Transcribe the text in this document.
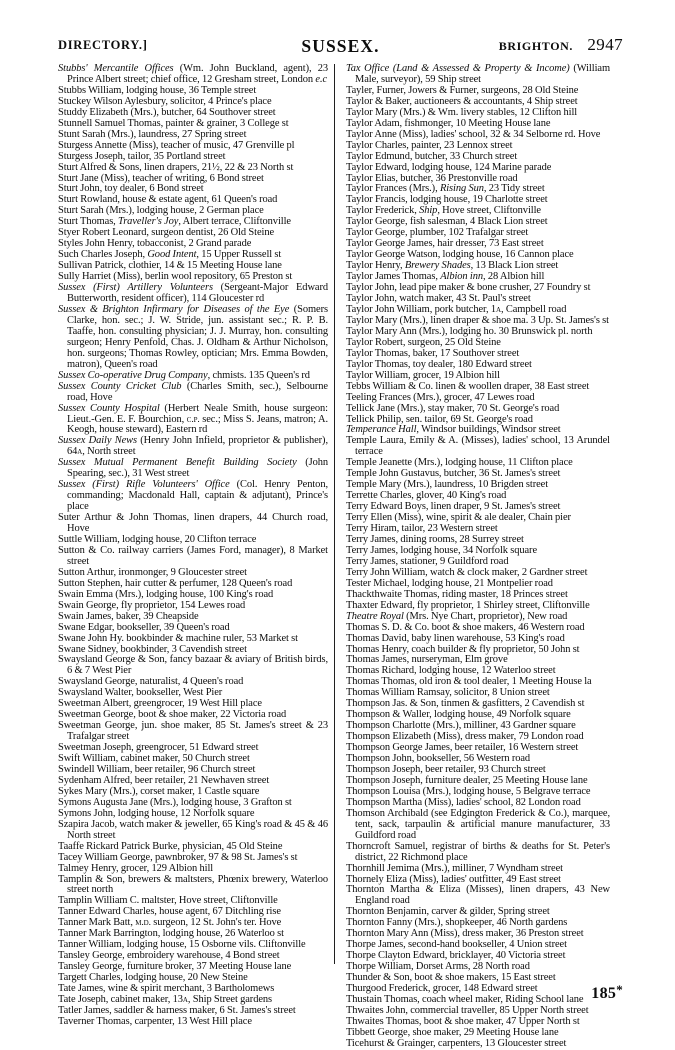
DIRECTORY.]	SUSSEX.	BRIGHTON. 2947

Stubbs' Mercantile Offices (Wm. John Buckland, agent), 23 Prince Albert street; chief office, 12 Gresham street, London e.c

Stubbs William, lodging house, 36 Temple street

Stuckey Wilson Aylesbury, solicitor, 4 Prince's place

Studdy Elizabeth (Mrs.), butcher, 64 Southover street

Stunnell Samuel Thomas, painter & grainer, 3 College st

Stunt Sarah (Mrs.), laundress, 27 Spring street

Sturgess Annette (Miss), teacher of music, 47 Grenville pl

Sturgess Joseph, tailor, 35 Portland street

Sturt Alfred & Sons, linen drapers, 21½, 22 & 23 North st

Sturt Jane (Miss), teacher of writing, 6 Bond street

Sturt John, toy dealer, 6 Bond street

Sturt Rowland, house & estate agent, 61 Queen's road

Sturt Sarah (Mrs.), lodging house, 2 German place

Sturt Thomas, Traveller's Joy, Albert terrace, Cliftonville

Styer Robert Leonard, surgeon dentist, 26 Old Steine

Styles John Henry, tobacconist, 2 Grand parade

Such Charles Joseph, Good Intent, 15 Upper Russell st

Sullivan Patrick, clothier, 14 & 15 Meeting House lane

Sully Harriet (Miss), berlin wool repository, 65 Preston st

Sussex (First) Artillery Volunteers (Sergeant-Major Edward Butterworth, resident officer), 114 Gloucester rd

Sussex & Brighton Infirmary for Diseases of the Eye (Somers Clarke, hon. sec.; J. W. Stride, jun. assistant sec.; R. P. B. Taaffe, hon. consulting physician; J. J. Murray, hon. consulting surgeon; Henry Penfold, Chas. J. Oldham & Arthur Nicholson, hon. surgeons; Thomas Rowley, optician; Mrs. Emma Bowden, matron), Queen's road

Sussex Co-operative Drug Company, chmists. 135 Queen's rd

Sussex County Cricket Club (Charles Smith, sec.), Selbourne road, Hove

Sussex County Hospital (Herbert Neale Smith, house surgeon: Lieut.-Gen. E. F. Bourchion, c.p. sec.; Miss S. Jeans, matron; A. Keogh, house steward), Eastern rd

Sussex Daily News (Henry John Infield, proprietor & publisher), 64a, North street

Sussex Mutual Permanent Benefit Building Society (John Spearing, sec.), 31 West street

Sussex (First) Rifle Volunteers' Office (Col. Henry Penton, commanding; Macdonald Hall, captain & adjutant), Prince's place

Suter Arthur & John Thomas, linen drapers, 44 Church road, Hove

Suttle William, lodging house, 20 Clifton terrace

Sutton & Co. railway carriers (James Ford, manager), 8 Market street

Sutton Arthur, ironmonger, 9 Gloucester street

Sutton Stephen, hair cutter & perfumer, 128 Queen's road

Swain Emma (Mrs.), lodging house, 100 King's road

Swain George, fly proprietor, 154 Lewes road

Swain James, baker, 39 Cheapside

Swane Edgar, bookseller, 39 Queen's road

Swane John Hy. bookbinder & machine ruler, 53 Market st

Swane Sidney, bookbinder, 3 Cavendish street

Swaysland George & Son, fancy bazaar & aviary of British birds, 6 & 7 West Pier

Swaysland George, naturalist, 4 Queen's road

Swaysland Walter, bookseller, West Pier

Sweetman Albert, greengrocer, 19 West Hill place

Sweetman George, boot & shoe maker, 22 Victoria road

Sweetman George, jun. shoe maker, 85 St. James's street & 23 Trafalgar street

Sweetman Joseph, greengrocer, 51 Edward street

Swift William, cabinet maker, 50 Church street

Swindell William, beer retailer, 96 Church street

Sydenham Alfred, beer retailer, 21 Newhaven street

Sykes Mary (Mrs.), corset maker, 1 Castle square

Symons Augusta Jane (Mrs.), lodging house, 3 Grafton st

Symons John, lodging house, 12 Norfolk square

Szapira Jacob, watch maker & jeweller, 65 King's road & 45 & 46 North street

Taaffe Rickard Patrick Burke, physician, 45 Old Steine

Tacey William George, pawnbroker, 97 & 98 St. James's st

Talmey Henry, grocer, 129 Albion hill

Tamplin & Son, brewers & maltsters, Phœnix brewery, Waterloo street north

Tamplin William C. maltster, Hove street, Cliftonville

Tanner Edward Charles, house agent, 67 Ditchling rise

Tanner Mark Batt, m.d. surgeon, 12 St. John's ter. Hove

Tanner Mark Barrington, lodging house, 26 Waterloo st

Tanner William, lodging house, 15 Osborne vils. Cliftonville

Tansley George, embroidery warehouse, 4 Bond street

Tansley George, furniture broker, 37 Meeting House lane

Targett Charles, lodging house, 20 New Steine

Tate James, wine & spirit merchant, 3 Bartholomews

Tate Joseph, cabinet maker, 13a, Ship Street gardens

Tatler James, saddler & harness maker, 6 St. James's street

Taverner Thomas, carpenter, 13 West Hill place

Tax Office (Land & Assessed & Property & Income) (William Male, surveyor), 59 Ship street

Tayler, Furner, Jowers & Furner, surgeons, 28 Old Steine

Taylor & Baker, auctioneers & accountants, 4 Ship street

Taylor Mary (Mrs.) & Wm. livery stables, 12 Clifton hill

Taylor Adam, fishmonger, 10 Meeting House lane

Taylor Anne (Miss), ladies' school, 32 & 34 Selborne rd. Hove

Taylor Charles, painter, 23 Lennox street

Taylor Edmund, butcher, 33 Church street

Taylor Edward, lodging house, 124 Marine parade

Taylor Elias, butcher, 36 Prestonville road

Taylor Frances (Mrs.), Rising Sun, 23 Tidy street

Taylor Francis, lodging house, 19 Charlotte street

Taylor Frederick, Ship, Hove street, Cliftonville

Taylor George, fish salesman, 4 Black Lion street

Taylor George, plumber, 102 Trafalgar street

Taylor George James, hair dresser, 73 East street

Taylor George Watson, lodging house, 16 Cannon place

Taylor Henry, Brewery Shades, 13 Black Lion street

Taylor James Thomas, Albion inn, 28 Albion hill

Taylor John, lead pipe maker & bone crusher, 27 Foundry st

Taylor John, watch maker, 43 St. Paul's street

Taylor John William, pork butcher, 1a, Campbell road

Taylor Mary (Mrs.), linen draper & shoe ma. 3 Up. St. James's st

Taylor Mary Ann (Mrs.), lodging ho. 30 Brunswick pl. north

Taylor Robert, surgeon, 25 Old Steine

Taylor Thomas, baker, 17 Southover street

Taylor Thomas, toy dealer, 180 Edward street

Taylor William, grocer, 19 Albion hill

Tebbs William & Co. linen & woollen draper, 38 East street

Teeling Frances (Mrs.), grocer, 47 Lewes road

Tellick Jane (Mrs.), stay maker, 70 St. George's road

Tellick Philip, sen. tailor, 69 St. George's road

Temperance Hall, Windsor buildings, Windsor street

Temple Laura, Emily & A. (Misses), ladies' school, 13 Arundel terrace

Temple Jeanette (Mrs.), lodging house, 11 Clifton place

Temple John Gustavus, butcher, 36 St. James's street

Temple Mary (Mrs.), laundress, 10 Brigden street

Terrette Charles, glover, 40 King's road

Terry Edward Boys, linen draper, 9 St. James's street

Terry Ellen (Miss), wine, spirit & ale dealer, Chain pier

Terry Hiram, tailor, 23 Western street

Terry James, dining rooms, 28 Surrey street

Terry James, lodging house, 34 Norfolk square

Terry James, stationer, 9 Guildford road

Terry John William, watch & clock maker, 2 Gardner street

Tester Michael, lodging house, 21 Montpelier road

Thackthwaite Thomas, riding master, 18 Princes street

Thaxter Edward, fly proprietor, 1 Shirley street, Cliftonville

Theatre Royal (Mrs. Nye Chart, proprietor), New road

Thomas S. D. & Co. boot & shoe makers, 46 Western road

Thomas David, baby linen warehouse, 53 King's road

Thomas Henry, coach builder & fly proprietor, 50 John st

Thomas James, nurseryman, Elm grove

Thomas Richard, lodging house, 12 Waterloo street

Thomas Thomas, old iron & tool dealer, 1 Meeting House la

Thomas William Ramsay, solicitor, 8 Union street

Thompson Jas. & Son, tinmen & gasfitters, 2 Cavendish st

Thompson & Waller, lodging house, 49 Norfolk square

Thompson Charlotte (Mrs.), milliner, 43 Gardner square

Thompson Elizabeth (Miss), dress maker, 79 London road

Thompson George James, beer retailer, 16 Western street

Thompson John, bookseller, 56 Western road

Thompson Joseph, beer retailer, 93 Church street

Thompson Joseph, furniture dealer, 25 Meeting House lane

Thompson Louisa (Mrs.), lodging house, 5 Belgrave terrace

Thompson Martha (Miss), ladies' school, 82 London road

Thomson Archibald (see Edgington Frederick & Co.), marquee, tent, sack, tarpaulin & artificial manure manufacturer, 33 Guildford road

Thorncroft Samuel, registrar of births & deaths for St. Peter's district, 22 Richmond place

Thornhill Jemima (Mrs.), milliner, 7 Wyndham street

Thornely Eliza (Miss), ladies' outfitter, 49 East street

Thornton Martha & Eliza (Misses), linen drapers, 43 New England road

Thornton Benjamin, carver & gilder, Spring street

Thornton Fanny (Mrs.), shopkeeper, 46 North gardens

Thornton Mary Ann (Miss), dress maker, 36 Preston street

Thorpe James, second-hand bookseller, 4 Union street

Thorpe Clayton Edward, bricklayer, 40 Victoria street

Thorpe William, Dorset Arms, 28 North road

Thunder & Son, boot & shoe makers, 15 East street

Thurgood Frederick, grocer, 148 Edward street

Thustain Thomas, coach wheel maker, Riding School lane

Thwaites John, commercial traveller, 85 Upper North street

Thwaites Thomas, boot & shoe maker, 47 Upper North st

Tibbett George, shoe maker, 29 Meeting House lane

Ticehurst & Grainger, carpenters, 13 Gloucester street

185*
